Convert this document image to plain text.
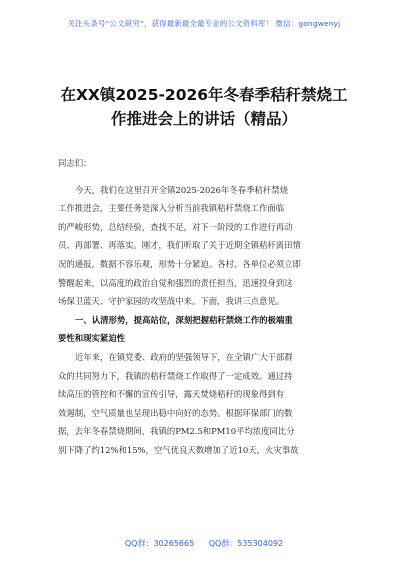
关注头条号“公文研究”，获得最新最全最专业的公文资料库！ 微信：gongwenyj
在XX镇2025-2026年冬春季秸秆禁烧工
作推进会上的讲话（精品）
同志们：
今天，我们在这里召开全镇2025-2026年冬春季秸秆禁烧
工作推进会，主要任务是深入分析当前我镇秸秆禁烧工作面临
的严峻形势，总结经验，查找不足，对下一阶段的工作进行再动
员、再部署、再落实。刚才，我们听取了关于近期全镇秸秆离田情
况的通报，数据不容乐观，形势十分紧迫。各村、各单位必须立即
警醒起来，以高度的政治自觉和强烈的责任担当，迅速投身到这
场保卫蓝天、守护家园的攻坚战中来。下面，我讲三点意见。
一、认清形势，提高站位，深刻把握秸秆禁烧工作的极端重
要性和现实紧迫性
近年来，在镇党委、政府的坚强领导下，在全镇广大干部群
众的共同努力下，我镇的秸秆禁烧工作取得了一定成效。通过持
续高压的管控和不懈的宣传引导，露天焚烧秸秆的现象得到有
效遏制，空气质量也呈现出稳中向好的态势。根据环保部门的数
据，去年冬春禁烧期间，我镇的PM2.5和PM10平均浓度同比分
别下降了约12%和15%，空气优良天数增加了近10天，火灾事故
QQ群：30265665 QQ群：535304092
